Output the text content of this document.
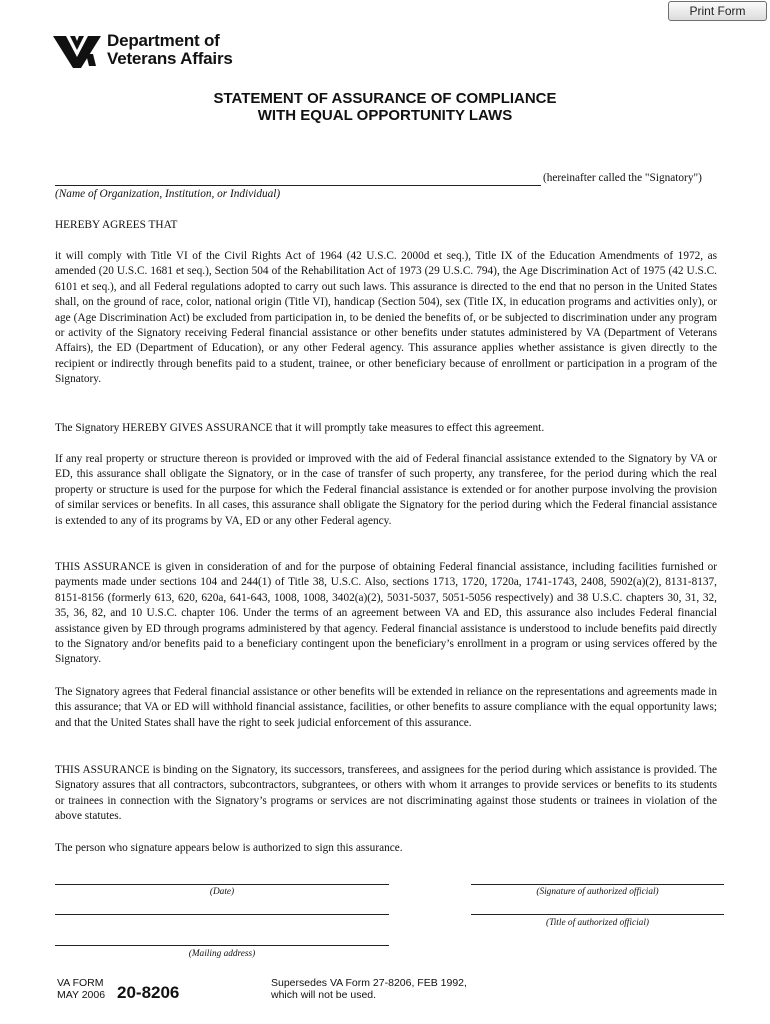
Print Form
Department of
Veterans Affairs
STATEMENT OF ASSURANCE OF COMPLIANCE
WITH EQUAL OPPORTUNITY LAWS
(hereinafter called the "Signatory")
(Name of Organization, Institution, or Individual)
HEREBY AGREES THAT
it will comply with Title VI of the Civil Rights Act of 1964 (42 U.S.C. 2000d et seq.), Title IX of the Education Amendments of 1972, as amended (20 U.S.C. 1681 et seq.), Section 504 of the Rehabilitation Act of 1973 (29 U.S.C. 794), the Age Discrimination Act of 1975 (42 U.S.C. 6101 et seq.), and all Federal regulations adopted to carry out such laws. This assurance is directed to the end that no person in the United States shall, on the ground of race, color, national origin (Title VI), handicap (Section 504), sex (Title IX, in education programs and activities only), or age (Age Discrimination Act) be excluded from participation in, to be denied the benefits of, or be subjected to discrimination under any program or activity of the Signatory receiving Federal financial assistance or other benefits under statutes administered by VA (Department of Veterans Affairs), the ED (Department of Education), or any other Federal agency. This assurance applies whether assistance is given directly to the recipient or indirectly through benefits paid to a student, trainee, or other beneficiary because of enrollment or participation in a program of the Signatory.
The Signatory HEREBY GIVES ASSURANCE that it will promptly take measures to effect this agreement.
If any real property or structure thereon is provided or improved with the aid of Federal financial assistance extended to the Signatory by VA or ED, this assurance shall obligate the Signatory, or in the case of transfer of such property, any transferee, for the period during which the real property or structure is used for the purpose for which the Federal financial assistance is extended or for another purpose involving the provision of similar services or benefits. In all cases, this assurance shall obligate the Signatory for the period during which the Federal financial assistance is extended to any of its programs by VA, ED or any other Federal agency.
THIS ASSURANCE is given in consideration of and for the purpose of obtaining Federal financial assistance, including facilities furnished or payments made under sections 104 and 244(1) of Title 38, U.S.C. Also, sections 1713, 1720, 1720a, 1741-1743, 2408, 5902(a)(2), 8131-8137, 8151-8156 (formerly 613, 620, 620a, 641-643, 1008, 1008, 3402(a)(2), 5031-5037, 5051-5056 respectively) and 38 U.S.C. chapters 30, 31, 32, 35, 36, 82, and 10 U.S.C. chapter 106. Under the terms of an agreement between VA and ED, this assurance also includes Federal financial assistance given by ED through programs administered by that agency. Federal financial assistance is understood to include benefits paid directly to the Signatory and/or benefits paid to a beneficiary contingent upon the beneficiary’s enrollment in a program or using services offered by the Signatory.
The Signatory agrees that Federal financial assistance or other benefits will be extended in reliance on the representations and agreements made in this assurance; that VA or ED will withhold financial assistance, facilities, or other benefits to assure compliance with the equal opportunity laws; and that the United States shall have the right to seek judicial enforcement of this assurance.
THIS ASSURANCE is binding on the Signatory, its successors, transferees, and assignees for the period during which assistance is provided. The Signatory assures that all contractors, subcontractors, subgrantees, or others with whom it arranges to provide services or benefits to its students or trainees in connection with the Signatory’s programs or services are not discriminating against those students or trainees in violation of the above statutes.
The person who signature appears below is authorized to sign this assurance.
(Date)	(Signature of authorized official)
(Title of authorized official)
(Mailing address)
VA FORM
MAY 2006 20-8206	Supersedes VA Form 27-8206, FEB 1992,
which will not be used.
